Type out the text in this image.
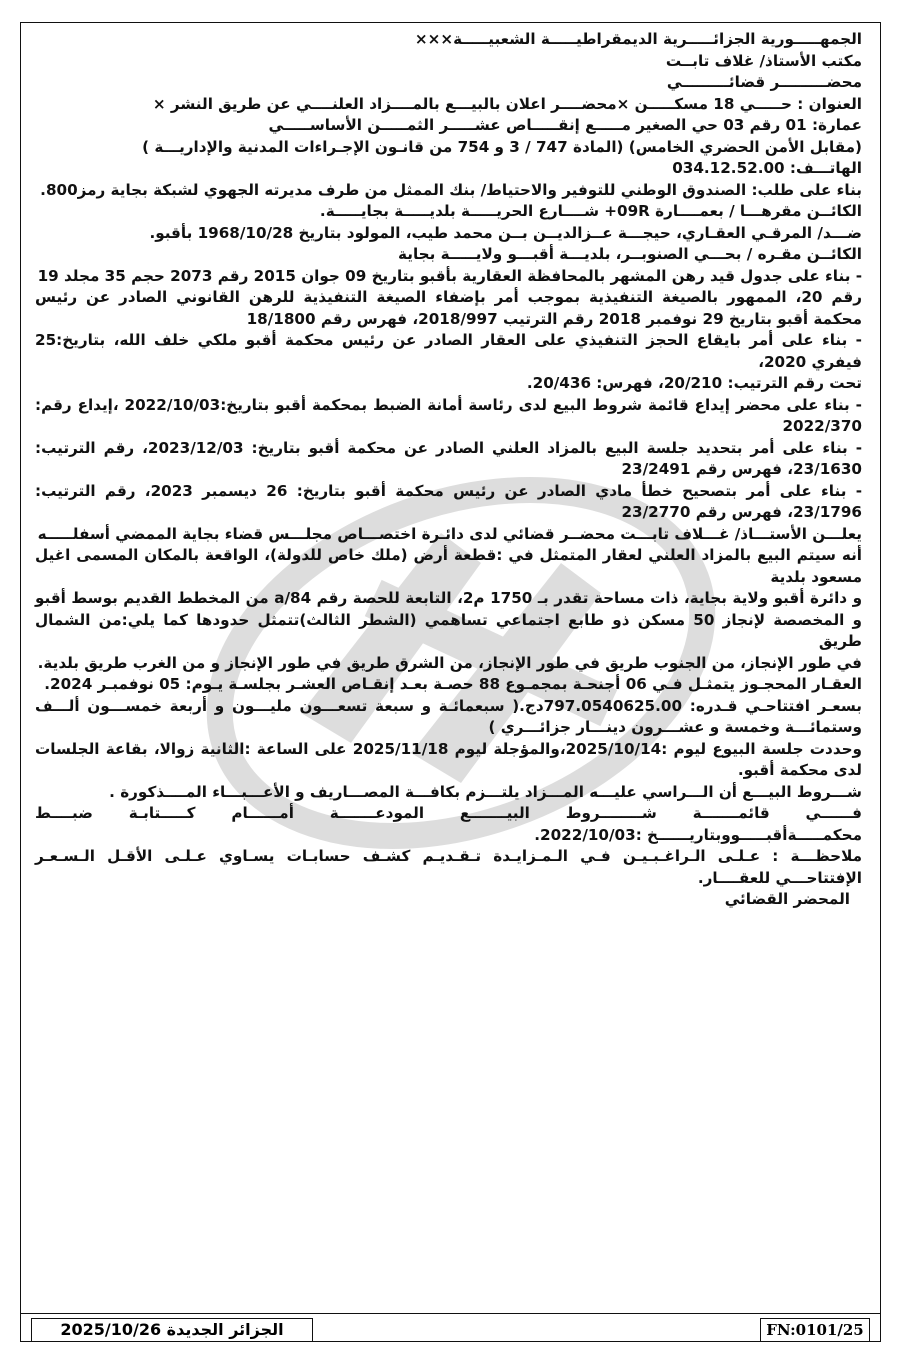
الجمهـــــورية الجزائـــــرية الديمقراطيـــــة الشعبيـــــة×××

مكتب الأستاذ/ غلاف تابــت

محضـــــــــر قضائـــــــــي

العنوان : حـــــي 18 مسكـــــن ×محضــــر اعلان بالبيـــع بالمــــزاد العلنــــي عن طريق النشر ×

عمارة: 01 رقم 03 حي الصغير مـــــع إنقـــــاص عشـــــر الثمـــــن الأساســـــي

(مقابل الأمن الحضري الخامس) (المادة 747 / 3 و 754 من قانـون الإجـراءات المدنية والإداريـــة )

الهاتـــف: 034.12.52.00

بناء على طلب: الصندوق الوطني للتوفير والاحتياط/ بنك الممثل من طرف مديرته الجهوي لشبكة بجاية رمز800.

الكائــن مقرهـــا / بعمــــارة 09R+ شــــارع الحريـــــة بلديـــــة بجايـــــة.

ضـــد/ المرقـي العقـاري، حيجـــة عــزالديــن بــن محمد طيب، المولود بتاريخ 1968/10/28 بأقبو.

الكائــن مقـره / بحـــي الصنوبــر، بلديـــة أقبـــو ولايـــــة بجاية

- بناء على جدول قيد رهن المشهر بالمحافظة العقارية بأقبو بتاريخ 09 جوان 2015 رقم 2073 حجم 35 مجلد 19

رقم 20، الممهور بالصيغة التنفيذية بموجب أمر بإضفاء الصيغة التنفيذية للرهن القانوني الصادر عن رئيس محكمة أقبو بتاريخ 29 نوفمبر 2018 رقم الترتيب 2018/997، فهرس رقم 18/1800

- بناء على أمر بايقاع الحجز التنفيذي على العقار الصادر عن رئيس محكمة أقبو ملكي خلف الله، بتاريخ:25 فيفري 2020،

تحت رقم الترتيب: 20/210، فهرس: 20/436.

- بناء على محضر إيداع قائمة شروط البيع لدى رئاسة أمانة الضبط بمحكمة أقبو بتاريخ:2022/10/03 ،إيداع رقم: 2022/370

- بناء على أمر بتحديد جلسة البيع بالمزاد العلني الصادر عن محكمة أقبو بتاريخ: 2023/12/03، رقم الترتيب: 23/1630، فهرس رقم 23/2491

- بناء على أمر بتصحيح خطأ مادي الصادر عن رئيس محكمة أقبو بتاريخ: 26 ديسمبر 2023، رقم الترتيب: 23/1796، فهرس رقم 23/2770

يعلـــن الأستـــاذ/ غـــلاف تابـــت محضــر قضائي لدى دائـرة اختصـــاص مجلـــس قضاء بجاية الممضي أسفلـــــه

أنه سيتم البيع بالمزاد العلني لعقار المتمثل في :قطعة أرض (ملك خاص للدولة)، الواقعة بالمكان المسمى اغيل مسعود بلدية

و دائرة أقبو ولاية بجاية، ذات مساحة تقدر بـ 1750 م2، التابعة للحصة رقم a/84 من المخطط القديم بوسط أقبو و المخصصة لإنجاز 50 مسكن ذو طابع اجتماعي تساهمي (الشطر الثالث)تتمثل حدودها كما يلي:من الشمال طريق

في طور الإنجاز، من الجنوب طريق في طور الإنجاز، من الشرق طريق في طور الإنجاز و من الغرب طريق بلدية.

العقـار المحجـوز يتمثـل فـي 06 أجنحـة بمجمـوع 88 حصـة بعـد إنقـاص العشـر بجلسـة يـوم: 05 نوفمبـر 2024.

بسعـر افتتاحـي قـدره: 797.0540625.00دج.( سبعمائـة و سبعة تسعـــون مليـــون و أربعة خمســـون ألـــف وستمائـــة وخمسة و عشـــرون دينـــار جزائـــري )

وحددت جلسة البيوع ليوم :2025/10/14،والمؤجلة ليوم 2025/11/18 على الساعة :الثانية زوالا، بقاعة الجلسات لدى محكمة أقبو.

شـــروط البيـــع أن الـــراسي عليـــه المـــزاد يلتـــزم بكافـــة المصـــاريف و الأعـــبـــاء المــــذكورة .

فــــــي قائمـــــــة شــــــــروط البيـــــــع المودعـــــــة أمــــــام كـــــتابـة ضبــــط محكمـــــةأقبـــــووبتاريــــــخ :2022/10/03.

ملاحظـــة : عـلـى الـراغـبـيـن فـي الـمـزايـدة تـقـديـم كشـف حسابـات يسـاوي عـلـى الأقـل الـسـعـر الإفتتاحـــي للعقــــار.

المحضر القضائي

الجزائر الجديدة 2025/10/26	FN:0101/25
